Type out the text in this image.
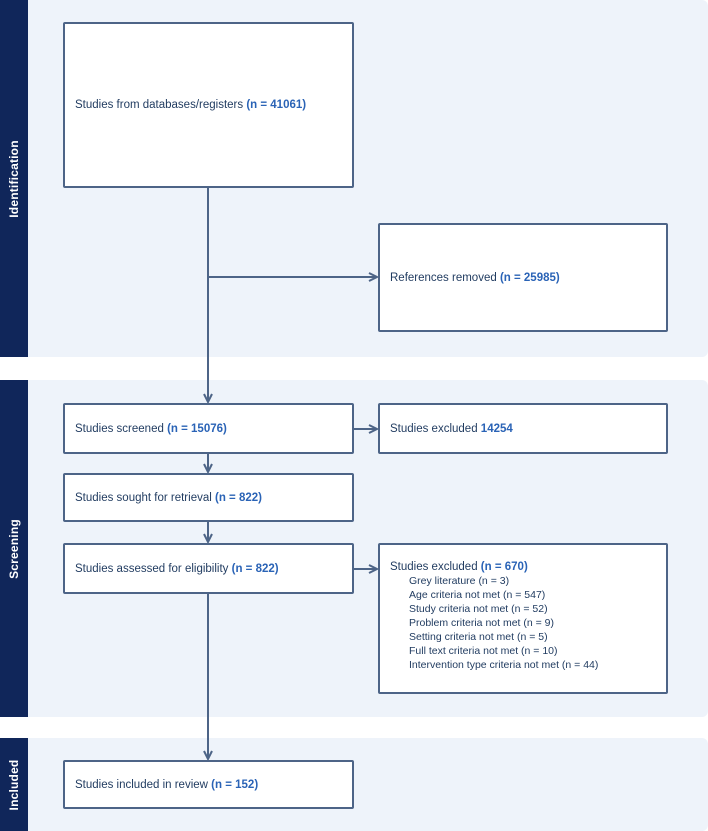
Identification
Screening
Included
Studies from databases/registers (n = 41061)
References removed (n = 25985)
Studies screened (n = 15076)	Studies excluded 14254
Studies sought for retrieval (n = 822)
Studies assessed for eligibility (n = 822)	Studies excluded (n = 670)
Grey literature (n = 3)
Age criteria not met (n = 547)
Study criteria not met (n = 52)
Problem criteria not met (n = 9)
Setting criteria not met (n = 5)
Full text criteria not met (n = 10)
Intervention type criteria not met (n = 44)
Studies included in review (n = 152)
